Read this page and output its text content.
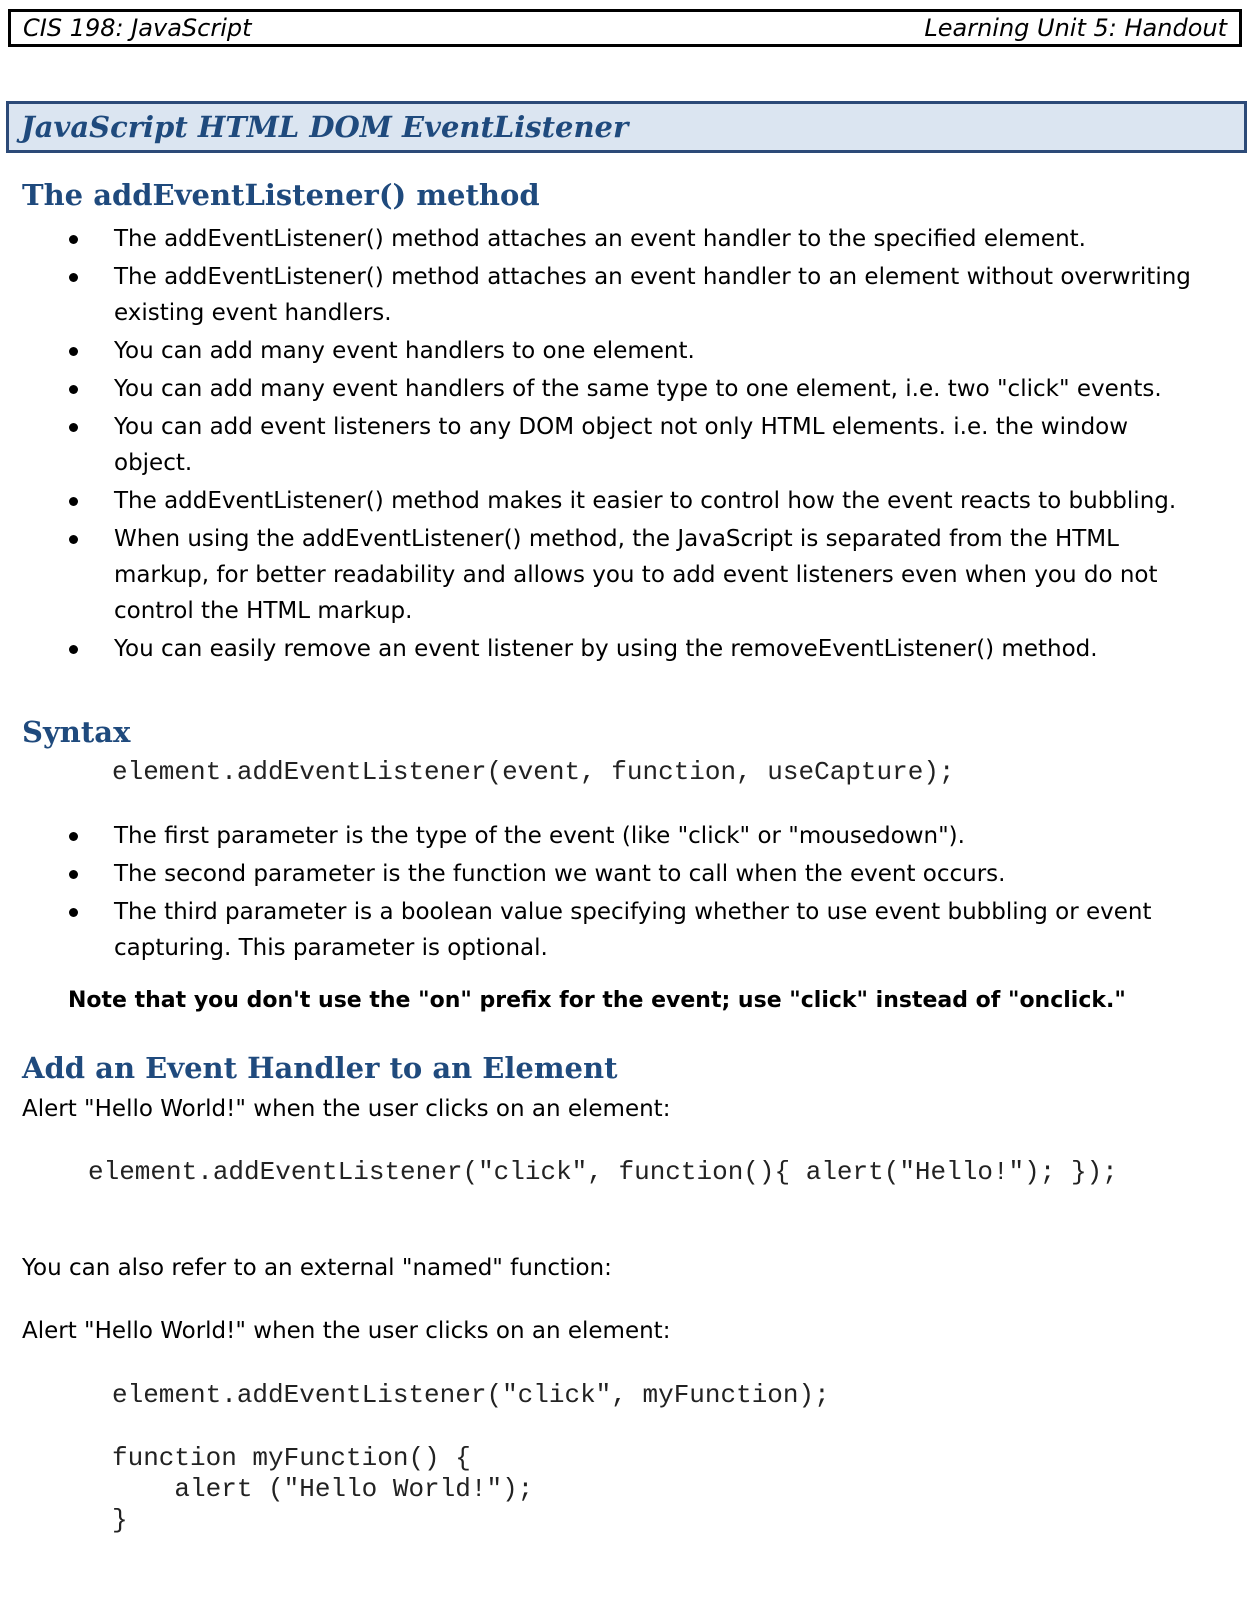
CIS 198: JavaScript	Learning Unit 5: Handout
JavaScript HTML DOM EventListener
The addEventListener() method
The addEventListener() method attaches an event handler to the specified element.
The addEventListener() method attaches an event handler to an element without overwriting existing event handlers.
You can add many event handlers to one element.
You can add many event handlers of the same type to one element, i.e. two "click" events.
You can add event listeners to any DOM object not only HTML elements. i.e. the window object.
The addEventListener() method makes it easier to control how the event reacts to bubbling.
When using the addEventListener() method, the JavaScript is separated from the HTML markup, for better readability and allows you to add event listeners even when you do not control the HTML markup.
You can easily remove an event listener by using the removeEventListener() method.
Syntax
element.addEventListener(event, function, useCapture);
The first parameter is the type of the event (like "click" or "mousedown").
The second parameter is the function we want to call when the event occurs.
The third parameter is a boolean value specifying whether to use event bubbling or event capturing. This parameter is optional.

Note that you don't use the "on" prefix for the event; use "click" instead of "onclick."

Add an Event Handler to an Element

Alert "Hello World!" when the user clicks on an element:

element.addEventListener("click", function(){ alert("Hello!"); });

You can also refer to an external "named" function:

Alert "Hello World!" when the user clicks on an element:

element.addEventListener("click", myFunction);
function myFunction() {
alert ("Hello World!");
}
